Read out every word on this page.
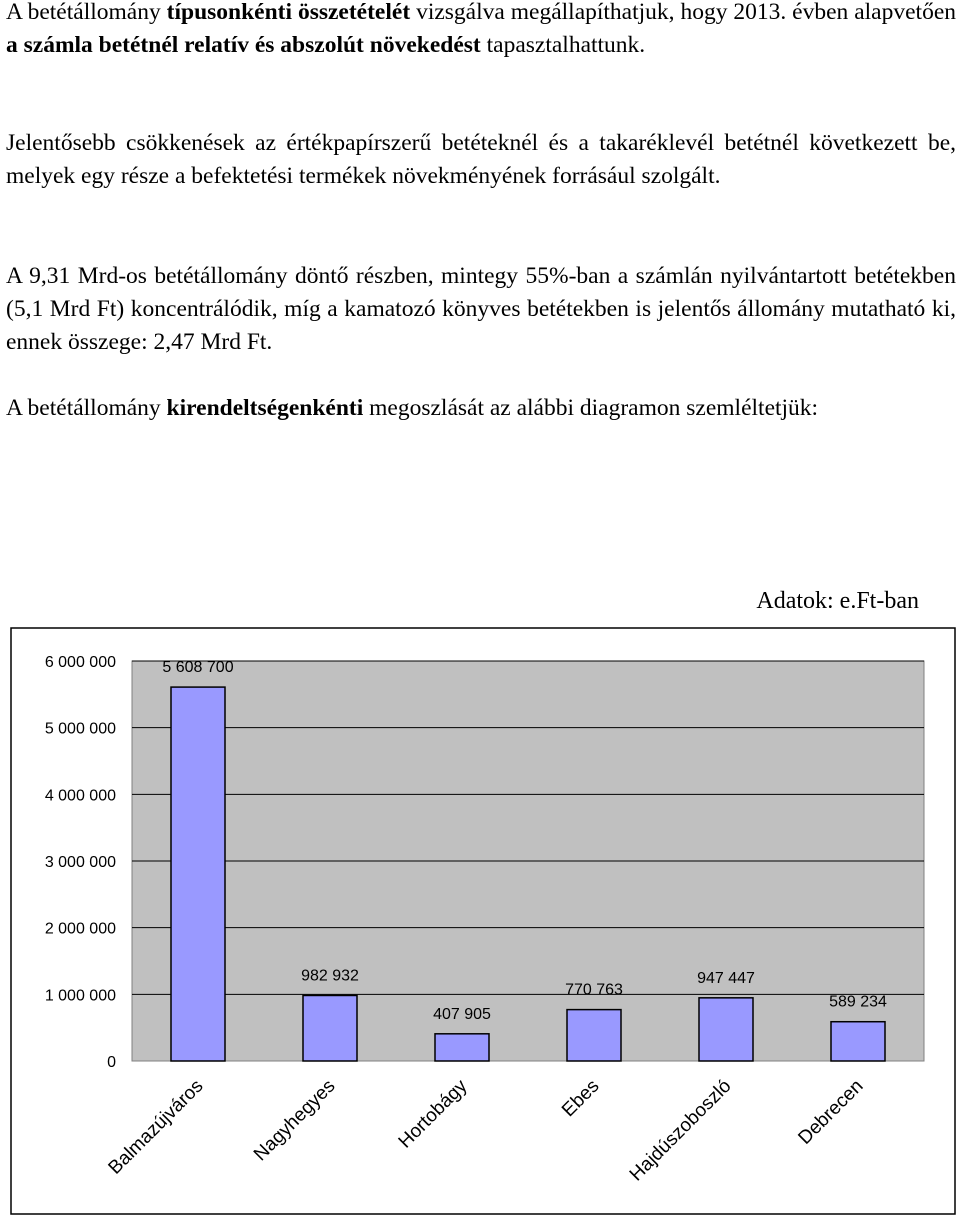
A betétállomány típusonkénti összetételét vizsgálva megállapíthatjuk, hogy 2013. évben alapvetően a számla betétnél relatív és abszolút növekedést tapasztalhattunk.

Jelentősebb csökkenések az értékpapírszerű betéteknél és a takaréklevél betétnél következett be, melyek egy része a befektetési termékek növekményének forrásául szolgált.

A 9,31 Mrd-os betétállomány döntő részben, mintegy 55%-ban a számlán nyilvántartott betétekben (5,1 Mrd Ft) koncentrálódik, míg a kamatozó könyves betétekben is jelentős állomány mutatható ki, ennek összege: 2,47 Mrd Ft.

A betétállomány kirendeltségenkénti megoszlását az alábbi diagramon szemléltetjük:

Adatok: e.Ft-ban
0
1 000 000
2 000 000
3 000 000
4 000 000
5 000 000
6 000 000	5 608 700
982 932
407 905
770 763
947 447
589 234
Balmazújváros Nagyhegyes	Hortobágy	Ebes Hajdúszoboszló	Debrecen
